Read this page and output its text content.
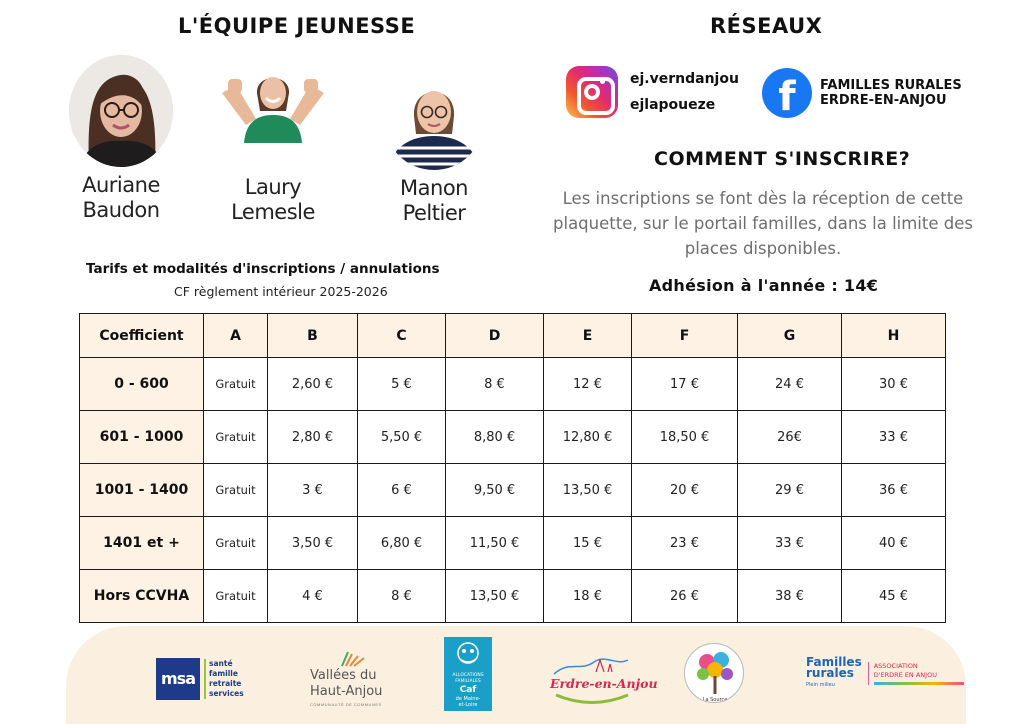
L'ÉQUIPE JEUNESSE
Auriane
Baudon
Laury
Lemesle
Manon
Peltier
RÉSEAUX
ej.verndanjou
ejlapoueze	f	FAMILLES RURALES
ERDRE-EN-ANJOU
COMMENT S'INSCRIRE?
Les inscriptions se font dès la réception de cette plaquette, sur le portail familles, dans la limite des places disponibles.
Adhésion à l'année : 14€
Tarifs et modalités d'inscriptions / annulations
CF règlement intérieur 2025-2026
Coefficient	A	B	C	D	E	F	G	H
0 - 600	Gratuit	2,60 €	5 €	8 €	12 €	17 €	24 €	30 €
601 - 1000	Gratuit	2,80 €	5,50 €	8,80 €	12,80 €	18,50 €	26€	33 €
1001 - 1400	Gratuit	3 €	6 €	9,50 €	13,50 €	20 €	29 €	36 €
1401 et +	Gratuit	3,50 €	6,80 €	11,50 €	15 €	23 €	33 €	40 €
Hors CCVHA	Gratuit	4 €	8 €	13,50 €	18 €	26 €	38 €	45 €
msa
santé
famille
retraite
services
Vallées du
Haut-Anjou
COMMUNAUTÉ DE COMMUNES
ALLOCATIONS
FAMILIALES
Caf
de Maine-
et-Loire
Erdre-en-Anjou
La Source
Familles
rurales
Plein milieu
ASSOCIATION
D'ERDRE EN ANJOU
